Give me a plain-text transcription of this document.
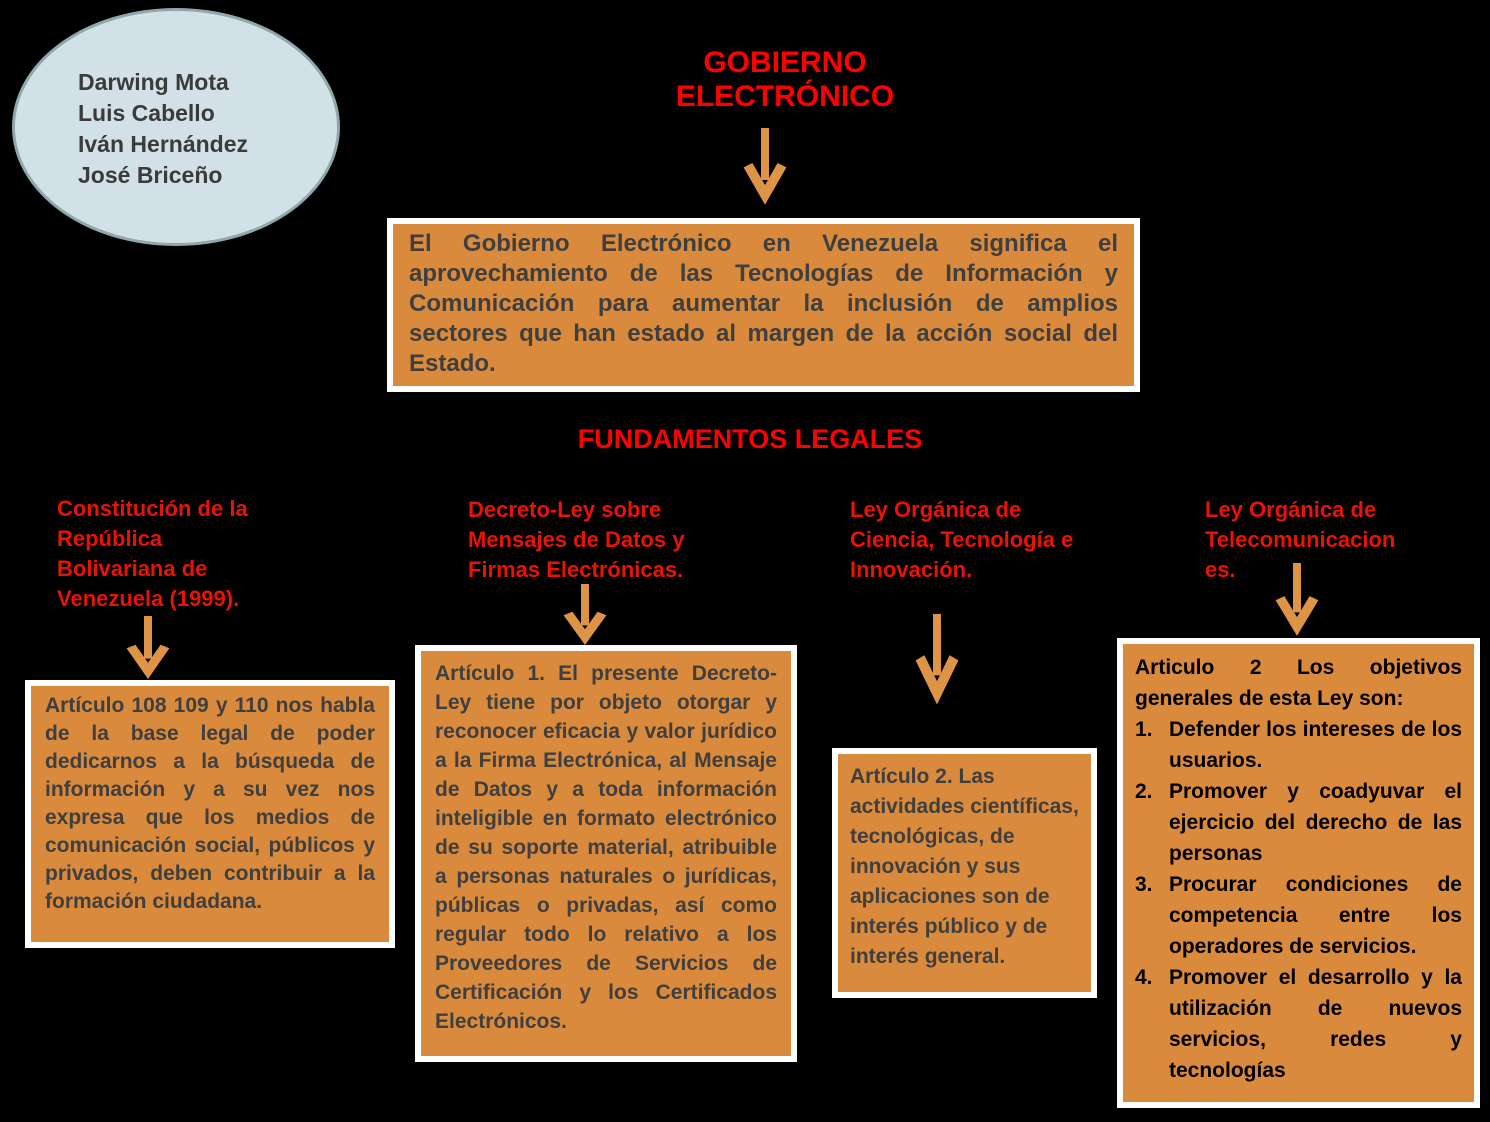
Darwing Mota
Luis Cabello
Iván Hernández
José Briceño
GOBIERNO ELECTRÓNICO

El Gobierno Electrónico en Venezuela significa el aprovechamiento de las Tecnologías de Información y Comunicación para aumentar la inclusión de amplios sectores que han estado al margen de la acción social del Estado.

FUNDAMENTOS LEGALES
Constitución de la República Bolivariana de Venezuela (1999).

Artículo 108 109 y 110 nos habla de la base legal de poder dedicarnos a la búsqueda de información y a su vez nos expresa que los medios de comunicación social, públicos y privados, deben contribuir a la formación ciudadana.

Decreto-Ley sobre Mensajes de Datos y Firmas Electrónicas.

Artículo 1. El presente Decreto-Ley tiene por objeto otorgar y reconocer eficacia y valor jurídico a la Firma Electrónica, al Mensaje de Datos y a toda información inteligible en formato electrónico de su soporte material, atribuible a personas naturales o jurídicas, públicas o privadas, así como regular todo lo relativo a los Proveedores de Servicios de Certificación y los Certificados Electrónicos.

Ley Orgánica de Ciencia, Tecnología e Innovación.

Artículo 2. Las actividades científicas, tecnológicas, de innovación y sus aplicaciones son de interés público y de interés general.

Ley Orgánica de Telecomunicacion es.

Articulo 2 Los objetivos generales de esta Ley son:

1. Defender los intereses de los usuarios.
2. Promover y coadyuvar el ejercicio del derecho de las personas
3. Procurar condiciones de competencia entre los operadores de servicios.
4. Promover el desarrollo y la utilización de nuevos servicios, redes y tecnologías
